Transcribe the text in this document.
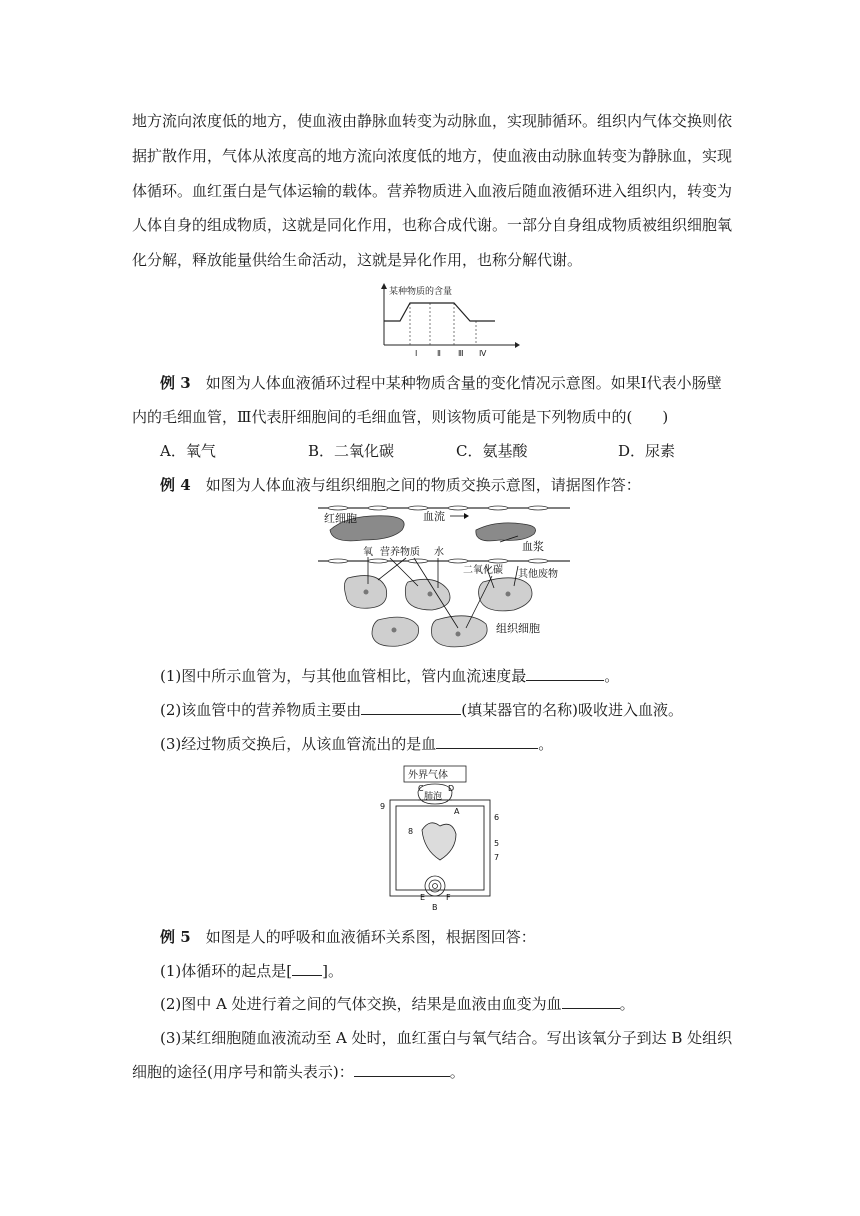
地方流向浓度低的地方，使血液由静脉血转变为动脉血，实现肺循环。组织内气体交换则依
据扩散作用，气体从浓度高的地方流向浓度低的地方，使血液由动脉血转变为静脉血，实现
体循环。血红蛋白是气体运输的载体。营养物质进入血液后随血液循环进入组织内，转变为
人体自身的组成物质，这就是同化作用，也称合成代谢。一部分自身组成物质被组织细胞氧
化分解，释放能量供给生命活动，这就是异化作用，也称分解代谢。
某种物质的含量
Ⅰ Ⅱ Ⅲ Ⅳ
例 3　 如图为人体血液循环过程中某种物质含量的变化情况示意图。如果Ⅰ代表小肠壁
内的毛细血管，Ⅲ代表肝细胞间的毛细血管，则该物质可能是下列物质中的(　　)
A．氧气	B．二氧化碳	C．氨基酸	D．尿素
例 4　 如图为人体血液与组织细胞之间的物质交换示意图，请据图作答：
红细胞	血流
血浆
氧 营养物质 水
二氧化碳 其他废物
组织细胞
(1)图中所示血管为，与其他血管相比，管内血流速度最	。
(2)该血管中的营养物质主要由	(填某器官的名称)吸收进入血液。
(3)经过物质交换后，从该血管流出的是血	。
外界气体
肺泡
C	D
A
9
8
6
5
7
E	F
B
例 5　 如图是人的呼吸和血液循环关系图，根据图回答：
(1)体循环的起点是[ ]。
(2)图中 A 处进行着之间的气体交换，结果是血液由血变为血	。
(3)某红细胞随血液流动至 A 处时，血红蛋白与氧气结合。写出该氧分子到达 B 处组织
细胞的途径(用序号和箭头表示)：	。
